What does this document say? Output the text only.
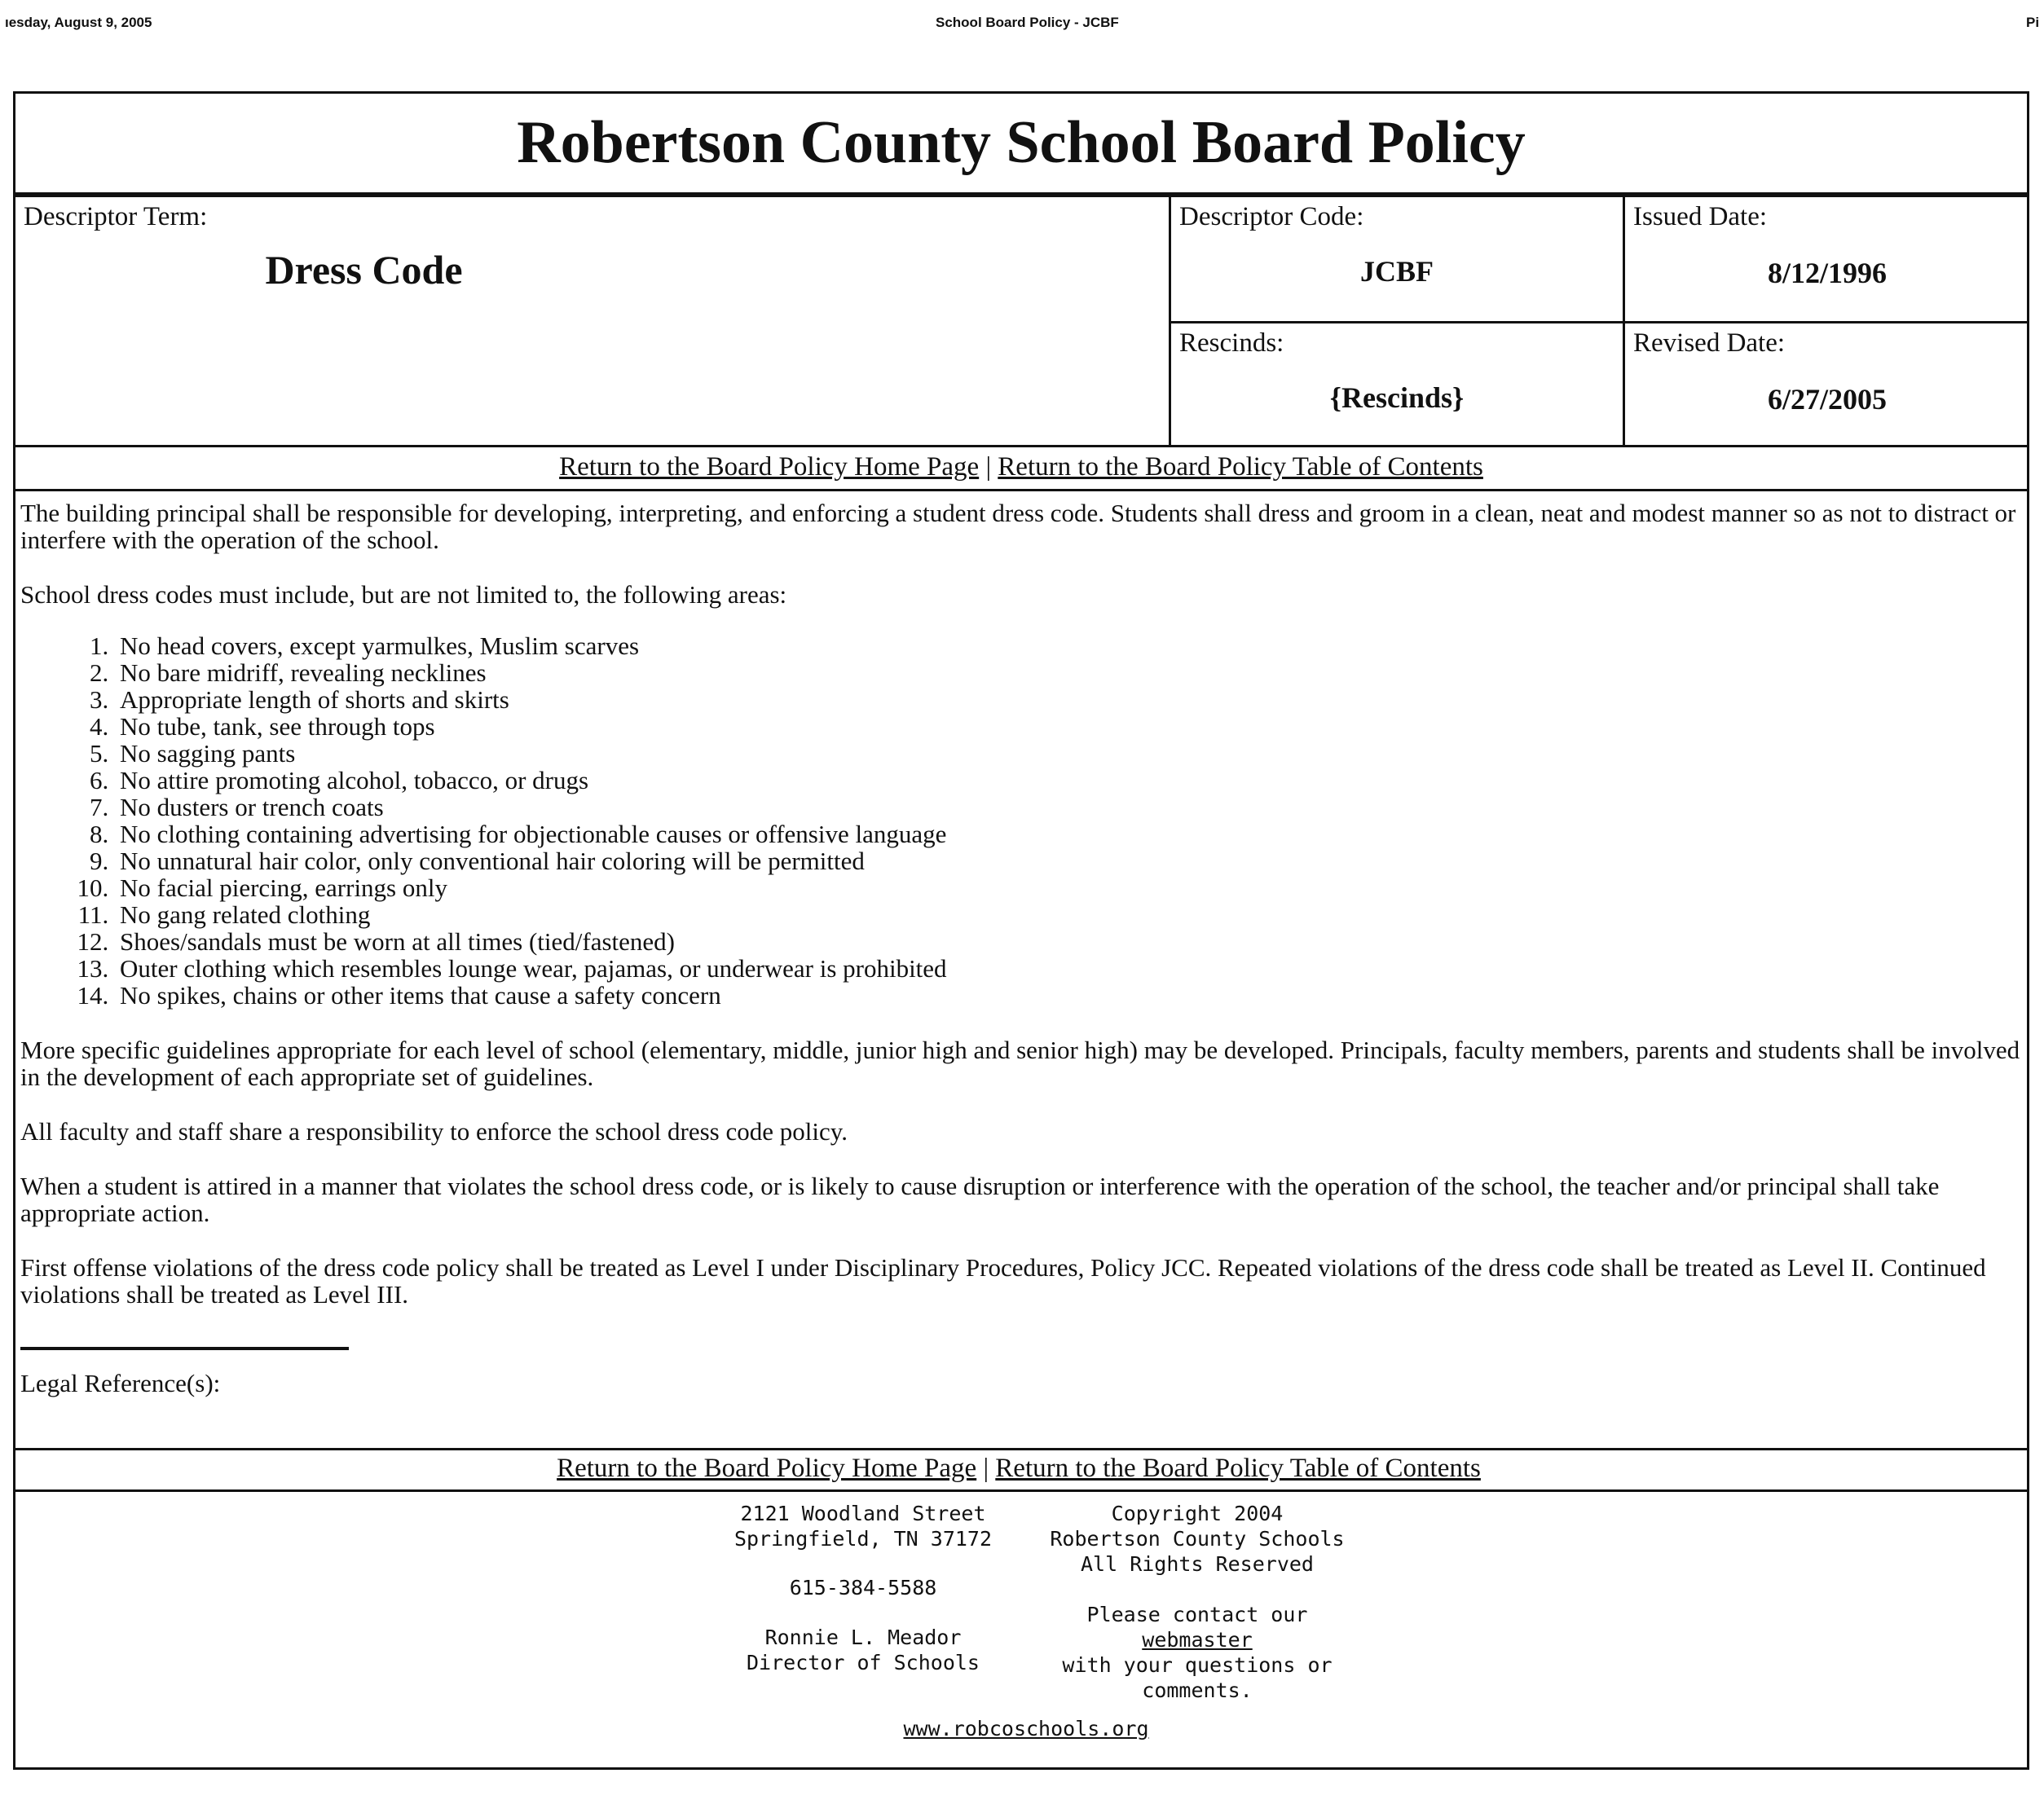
ıesday, August 9, 2005	School Board Policy - JCBF	Pi
Robertson County School Board Policy
Descriptor Term:
Dress Code
Descriptor Code:
JCBF
Issued Date:
8/12/1996
Rescinds:
{Rescinds}
Revised Date:
6/27/2005
Return to the Board Policy Home Page | Return to the Board Policy Table of Contents

The building principal shall be responsible for developing, interpreting, and enforcing a student dress code. Students shall dress and groom in a clean, neat and modest manner so as not to distract or interfere with the operation of the school.

School dress codes must include, but are not limited to, the following areas:

1. No head covers, except yarmulkes, Muslim scarves
2. No bare midriff, revealing necklines
3. Appropriate length of shorts and skirts
4. No tube, tank, see through tops
5. No sagging pants
6. No attire promoting alcohol, tobacco, or drugs
7. No dusters or trench coats
8. No clothing containing advertising for objectionable causes or offensive language
9. No unnatural hair color, only conventional hair coloring will be permitted
10. No facial piercing, earrings only
11. No gang related clothing
12. Shoes/sandals must be worn at all times (tied/fastened)
13. Outer clothing which resembles lounge wear, pajamas, or underwear is prohibited
14. No spikes, chains or other items that cause a safety concern

More specific guidelines appropriate for each level of school (elementary, middle, junior high and senior high) may be developed. Principals, faculty members, parents and students shall be involved in the development of each appropriate set of guidelines.

All faculty and staff share a responsibility to enforce the school dress code policy.

When a student is attired in a manner that violates the school dress code, or is likely to cause disruption or interference with the operation of the school, the teacher and/or principal shall take appropriate action.

First offense violations of the dress code policy shall be treated as Level I under Disciplinary Procedures, Policy JCC. Repeated violations of the dress code shall be treated as Level II. Continued violations shall be treated as Level III.

Legal Reference(s):
Return to the Board Policy Home Page | Return to the Board Policy Table of Contents
2121 Woodland Street
Springfield, TN 37172
615-384-5588
Ronnie L. Meador
Director of Schools
Copyright 2004
Robertson County Schools
All Rights Reserved
Please contact our
webmaster
with your questions or
comments.
www.robcoschools.org
